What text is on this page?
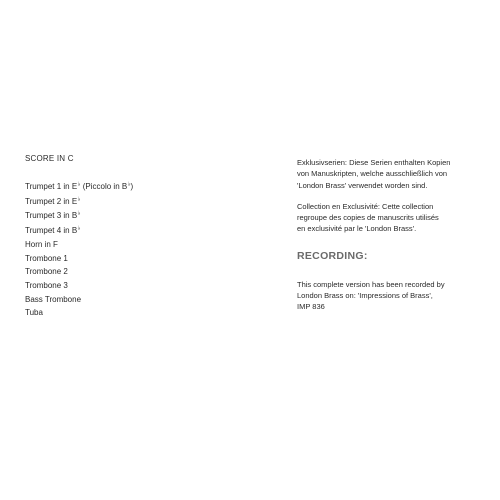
SCORE IN C
Trumpet 1 in E♭ (Piccolo in B♭)
Trumpet 2 in E♭
Trumpet 3 in B♭
Trumpet 4 in B♭
Horn in F
Trombone 1
Trombone 2
Trombone 3
Bass Trombone
Tuba

Exklusivserien: Diese Serien enthalten Kopien
von Manuskripten, welche ausschließlich von
'London Brass' verwendet worden sind.

Collection en Exclusivité: Cette collection
regroupe des copies de manuscrits utilisés
en exclusivité par le 'London Brass'.

RECORDING:

This complete version has been recorded by
London Brass on: 'Impressions of Brass',
IMP 836
